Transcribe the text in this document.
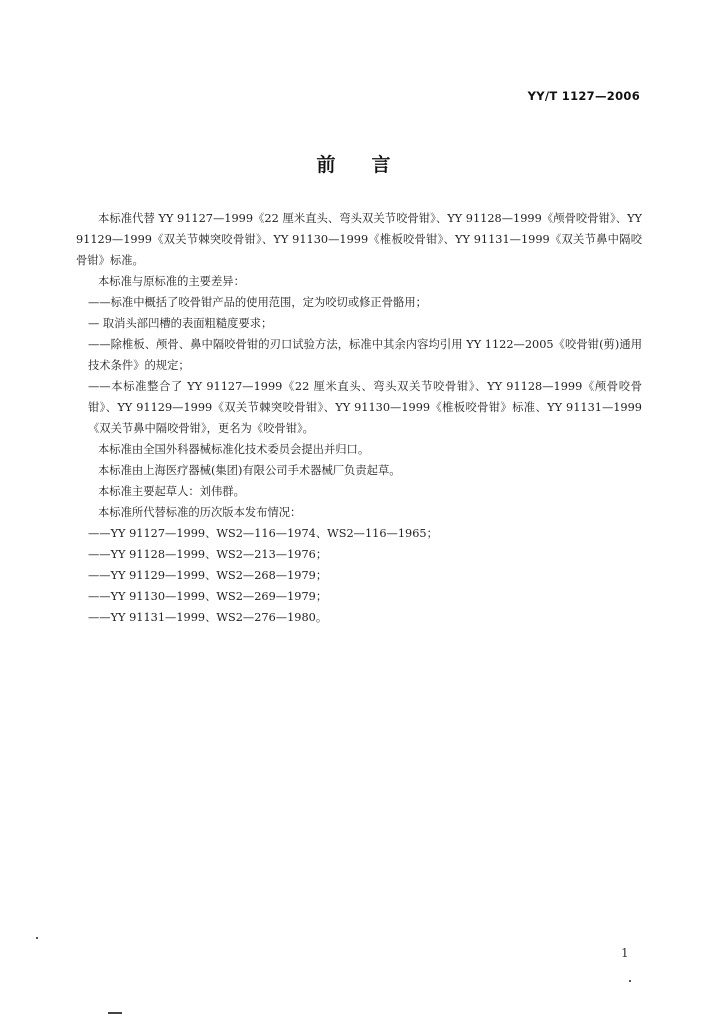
YY/T 1127—2006
前言

本标准代替 YY 91127—1999《22 厘米直头、弯头双关节咬骨钳》、YY 91128—1999《颅骨咬骨钳》、YY 91129—1999《双关节棘突咬骨钳》、YY 91130—1999《椎板咬骨钳》、YY 91131—1999《双关节鼻中隔咬骨钳》标准。

本标准与原标准的主要差异：

——标准中概括了咬骨钳产品的使用范围，定为咬切或修正骨骼用；

— 取消头部凹槽的表面粗糙度要求；

——除椎板、颅骨、鼻中隔咬骨钳的刃口试验方法，标准中其余内容均引用 YY 1122—2005《咬骨钳(剪)通用技术条件》的规定；

——本标准整合了 YY 91127—1999《22 厘米直头、弯头双关节咬骨钳》、YY 91128—1999《颅骨咬骨钳》、YY 91129—1999《双关节棘突咬骨钳》、YY 91130—1999《椎板咬骨钳》标准、YY 91131—1999《双关节鼻中隔咬骨钳》，更名为《咬骨钳》。

本标准由全国外科器械标准化技术委员会提出并归口。

本标准由上海医疗器械(集团)有限公司手术器械厂负责起草。

本标准主要起草人：刘伟群。

本标准所代替标准的历次版本发布情况：

——YY 91127—1999、WS2—116—1974、WS2—116—1965；
——YY 91128—1999、WS2—213—1976；
——YY 91129—1999、WS2—268—1979；
——YY 91130—1999、WS2—269—1979；
——YY 91131—1999、WS2—276—1980。
1
